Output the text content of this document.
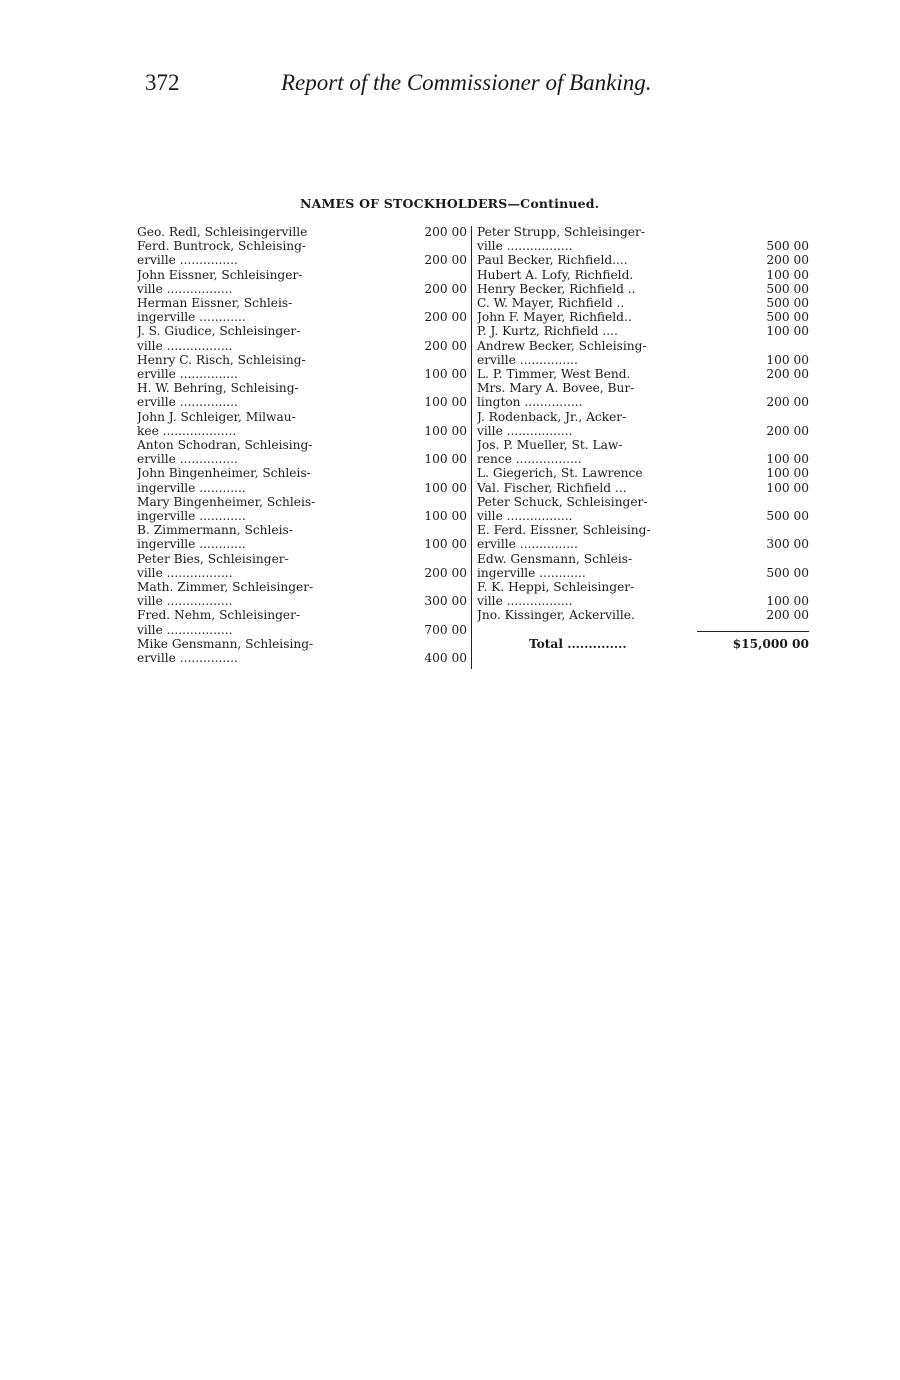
372	Report of the Commissioner of Banking.
NAMES OF STOCKHOLDERS—Continued.
Geo. Redl, Schleisingerville	200 00
Ferd. Buntrock, Schleising-
erville ...............	200 00
John Eissner, Schleisinger-
ville .................	200 00
Herman Eissner, Schleis-
ingerville ............	200 00
J. S. Giudice, Schleisinger-
ville .................	200 00
Henry C. Risch, Schleising-
erville ...............	100 00
H. W. Behring, Schleising-
erville ...............	100 00
John J. Schleiger, Milwau-
kee ...................	100 00
Anton Schodran, Schleising-
erville ...............	100 00
John Bingenheimer, Schleis-
ingerville ............	100 00
Mary Bingenheimer, Schleis-
ingerville ............	100 00
B. Zimmermann, Schleis-
ingerville ............	100 00
Peter Bies, Schleisinger-
ville .................	200 00
Math. Zimmer, Schleisinger-
ville .................	300 00
Fred. Nehm, Schleisinger-
ville .................	700 00
Mike Gensmann, Schleising-
erville ...............	400 00
Peter Strupp, Schleisinger-
ville .................	500 00
Paul Becker, Richfield....	200 00
Hubert A. Lofy, Richfield.	100 00
Henry Becker, Richfield ..	500 00
C. W. Mayer, Richfield ..	500 00
John F. Mayer, Richfield..	500 00
P. J. Kurtz, Richfield ....	100 00
Andrew Becker, Schleising-
erville ...............	100 00
L. P. Timmer, West Bend.	200 00
Mrs. Mary A. Bovee, Bur-
lington ...............	200 00
J. Rodenback, Jr., Acker-
ville .................	200 00
Jos. P. Mueller, St. Law-
rence .................	100 00
L. Giegerich, St. Lawrence	100 00
Val. Fischer, Richfield ...	100 00
Peter Schuck, Schleisinger-
ville .................	500 00
E. Ferd. Eissner, Schleising-
erville ...............	300 00
Edw. Gensmann, Schleis-
ingerville ............	500 00
F. K. Heppi, Schleisinger-
ville .................	100 00
Jno. Kissinger, Ackerville.	200 00
Total ..............	$15,000 00
